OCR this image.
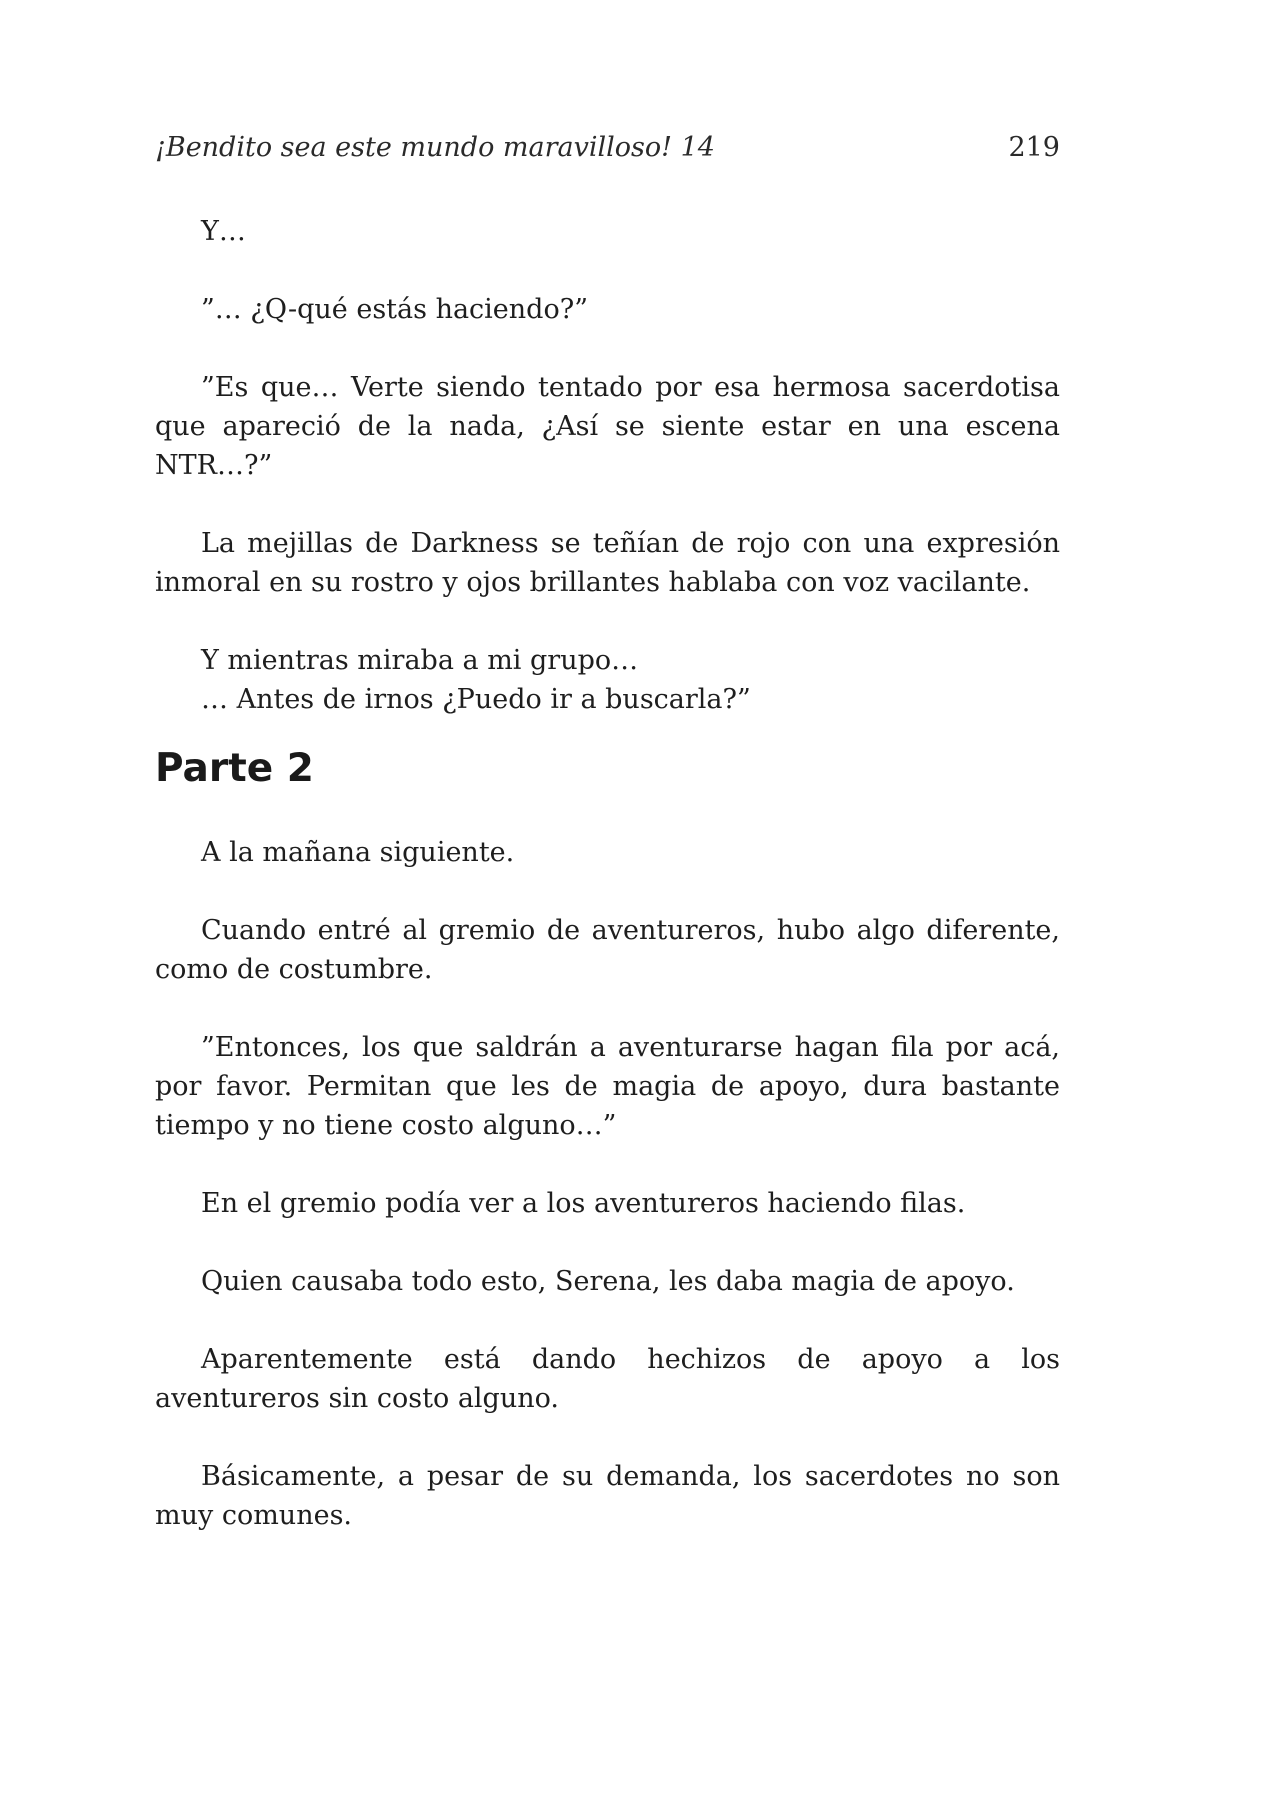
¡Bendito sea este mundo maravilloso! 14	219

Y…

”… ¿Q-qué estás haciendo?”

”Es que… Verte siendo tentado por esa hermosa sacerdotisa que apareció de la nada, ¿Así se siente estar en una escena NTR…?”

La mejillas de Darkness se teñían de rojo con una expresión inmoral en su rostro y ojos brillantes hablaba con voz vacilante.

Y mientras miraba a mi grupo…

… Antes de irnos ¿Puedo ir a buscarla?”

Parte 2

A la mañana siguiente.

Cuando entré al gremio de aventureros, hubo algo diferente, como de costumbre.

”Entonces, los que saldrán a aventurarse hagan fila por acá, por favor. Permitan que les de magia de apoyo, dura bastante tiempo y no tiene costo alguno…”

En el gremio podía ver a los aventureros haciendo filas.

Quien causaba todo esto, Serena, les daba magia de apoyo.

Aparentemente está dando hechizos de apoyo a los aventureros sin costo alguno.

Básicamente, a pesar de su demanda, los sacerdotes no son muy comunes.
